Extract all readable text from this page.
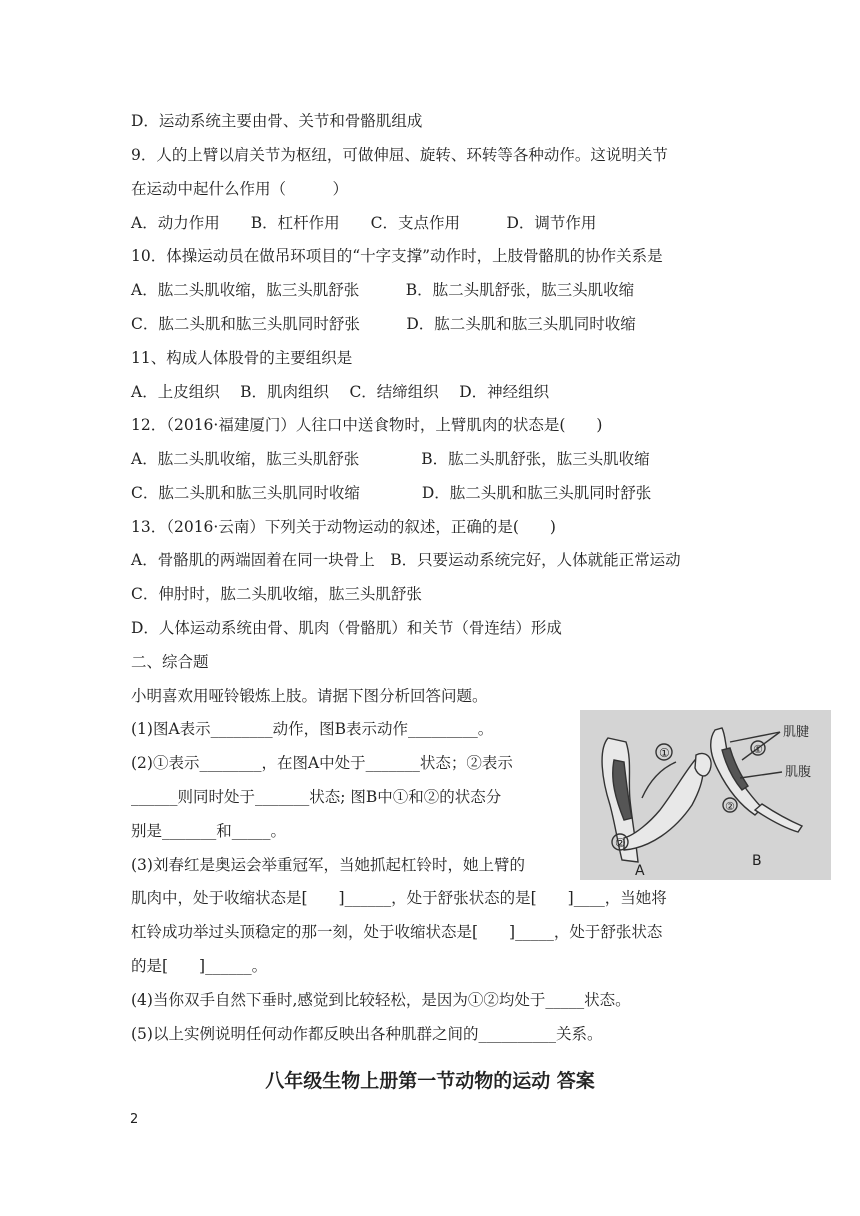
D．运动系统主要由骨、关节和骨骼肌组成
9．人的上臂以肩关节为枢纽，可做伸屈、旋转、环转等各种动作。这说明关节
在运动中起什么作用（　　　）
A．动力作用　　B．杠杆作用　　C．支点作用　　　D．调节作用
10．体操运动员在做吊环项目的“十字支撑”动作时，上肢骨骼肌的协作关系是
A．肱二头肌收缩，肱三头肌舒张　　　B．肱二头肌舒张，肱三头肌收缩
C．肱二头肌和肱三头肌同时舒张　　　D．肱二头肌和肱三头肌同时收缩
11、构成人体股骨的主要组织是
A．上皮组织　 B．肌肉组织　 C．结缔组织　 D．神经组织
12．（2016·福建厦门）人往口中送食物时，上臂肌肉的状态是(　　)
A．肱二头肌收缩，肱三头肌舒张　　　　B．肱二头肌舒张，肱三头肌收缩
C．肱二头肌和肱三头肌同时收缩　　　　D．肱二头肌和肱三头肌同时舒张
13．（2016·云南）下列关于动物运动的叙述，正确的是(　　)
A．骨骼肌的两端固着在同一块骨上　B．只要运动系统完好，人体就能正常运动
C．伸肘时，肱二头肌收缩，肱三头肌舒张
D．人体运动系统由骨、肌肉（骨骼肌）和关节（骨连结）形成
二、综合题
小明喜欢用哑铃锻炼上肢。请据下图分析回答问题。
(1)图A表示________动作，图B表示动作_________。
(2)①表示________，在图A中处于_______状态；②表示
______则同时处于_______状态; 图B中①和②的状态分
别是_______和_____。
(3)刘春红是奥运会举重冠军，当她抓起杠铃时，她上臂的
肌肉中，处于收缩状态是[　　]______，处于舒张状态的是[　　]____，当她将
杠铃成功举过头顶稳定的那一刻，处于收缩状态是[　　]_____，处于舒张状态
的是[　　]______。
(4)当你双手自然下垂时,感觉到比较轻松，是因为①②均处于_____状态。
(5)以上实例说明任何动作都反映出各种肌群之间的__________关系。
①
②
A
①
②
肌腱
肌腹
B
八年级生物上册第一节动物的运动 答案
2
